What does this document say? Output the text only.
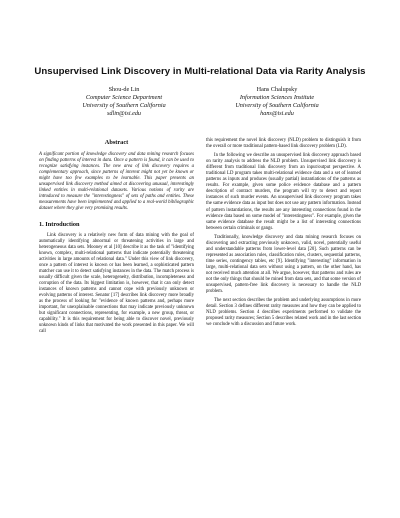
Unsupervised Link Discovery in Multi-relational Data via Rarity Analysis
Shou-de Lin
Computer Science Department
University of Southern California
sdlin@isi.edu
Hans Chalupsky
Information Sciences Institute
University of Southern California
hans@isi.edu
Abstract
A significant portion of knowledge discovery and data mining research focuses on finding patterns of interest in data. Once a pattern is found, it can be used to recognize satisfying instances. The new area of link discovery requires a complementary approach, since patterns of interest might not yet be known or might have too few examples to be learnable. This paper presents an unsupervised link discovery method aimed at discovering unusual, interestingly linked entities in multi-relational datasets. Various notions of rarity are introduced to measure the "interestingness" of sets of paths and entities. These measurements have been implemented and applied to a real-world bibliographic dataset where they give very promising results.
1. Introduction

Link discovery is a relatively new form of data mining with the goal of automatically identifying abnormal or threatening activities in large and heterogeneous data sets. Mooney et al [10] describe it as the task of "identifying known, complex, multi-relational patterns that indicate potentially threatening activities in large amounts of relational data." Under this view of link discovery, once a pattern of interest is known or has been learned, a sophisticated pattern matcher can use it to detect satisfying instances in the data. The match process is usually difficult given the scale, heterogeneity, distribution, incompleteness and corruption of the data. Its biggest limitation is, however, that it can only detect instances of known patterns and cannot cope with previously unknown or evolving patterns of interest. Senator [17] describes link discovery more broadly as the process of looking for "evidence of known patterns and, perhaps more important, for unexplainable connections that may indicate previously unknown but significant connections, representing, for example, a new group, threat, or capability." It is this requirement for being able to discover novel, previously unknown kinds of links that motivated the work presented in this paper. We will call

this requirement the novel link discovery (NLD) problem to distinguish it from the overall or more traditional pattern-based link discovery problem (LD).

In the following we describe an unsupervised link discovery approach based on rarity analysis to address the NLD problem. Unsupervised link discovery is different from traditional link discovery from an input/output perspective. A traditional LD program takes multi-relational evidence data and a set of learned patterns as inputs and produces (usually partial) instantiations of the patterns as results. For example, given some police evidence database and a pattern description of contract murders, the program will try to detect and report instances of such murder events. An unsupervised link discovery program takes the same evidence data as input but does not use any pattern information. Instead of pattern instantiations, the results are any interesting connections found in the evidence data based on some model of "interestingness". For example, given the same evidence database the result might be a list of interesting connections between certain criminals or gangs.

Traditionally, knowledge discovery and data mining research focuses on discovering and extracting previously unknown, valid, novel, potentially useful and understandable patterns from lower-level data [20]. Such patterns can be represented as association rules, classification rules, clusters, sequential patterns, time series, contingency tables, etc [9]. Identifying "interesting" information in large, multi-relational data sets without using a pattern, on the other hand, has not received much attention at all. We argue, however, that patterns and rules are not the only things that should be mined from data sets, and that some version of unsupervised, pattern-free link discovery is necessary to handle the NLD problem.

The next section describes the problem and underlying assumptions in more detail. Section 3 defines different rarity measures and how they can be applied to NLD problems. Section 4 describes experiments performed to validate the proposed rarity measures; Section 5 describes related work and in the last section we conclude with a discussion and future work.
